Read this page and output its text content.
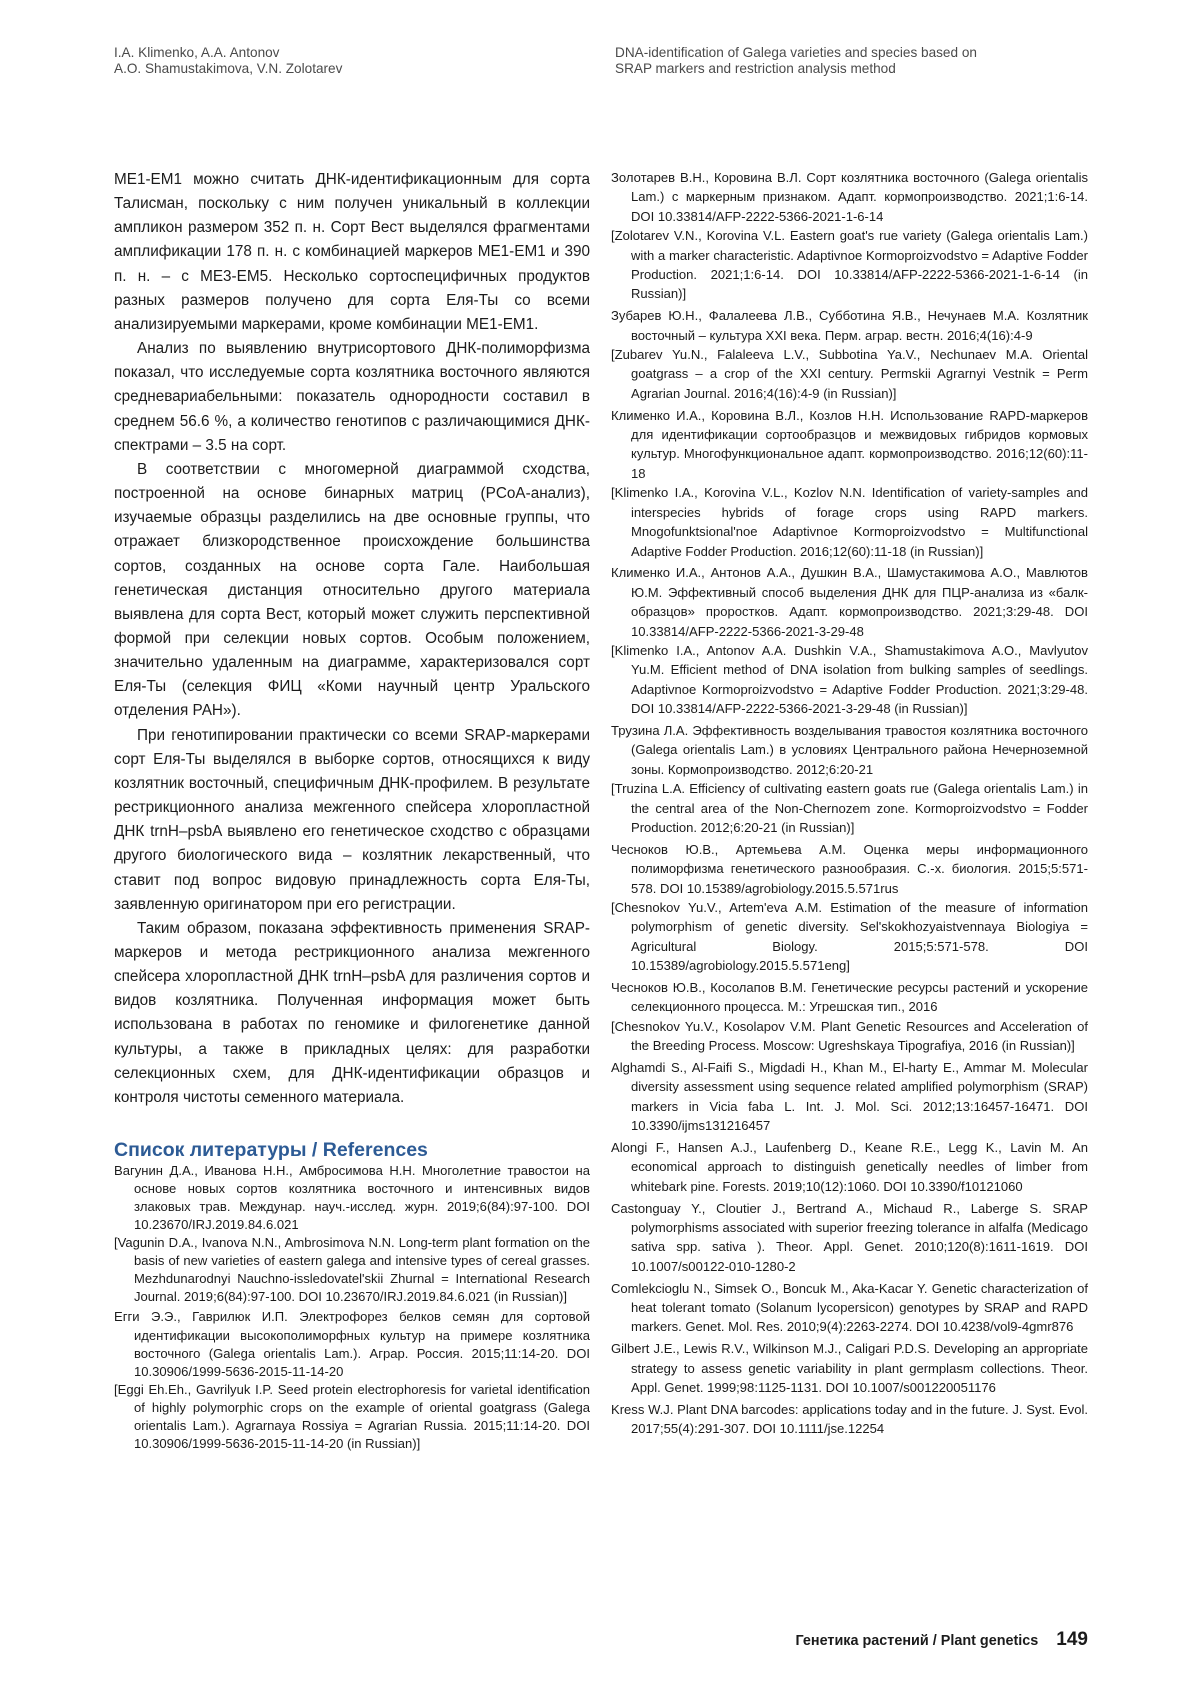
I.A. Klimenko, A.A. Antonov
A.O. Shamustakimova, V.N. Zolotarev
DNA-identification of Galega varieties and species based on
SRAP markers and restriction analysis method

ME1-EM1 можно считать ДНК-идентификационным для сорта Талисман, поскольку с ним получен уникальный в коллекции ампликон размером 352 п. н. Сорт Вест выделялся фрагментами амплификации 178 п. н. с комбинацией маркеров ME1-EM1 и 390 п. н. – с ME3-EM5. Несколько сортоспецифичных продуктов разных размеров получено для сорта Еля-Ты со всеми анализируемыми маркерами, кроме комбинации ME1-EM1.

Анализ по выявлению внутрисортового ДНК-полиморфизма показал, что исследуемые сорта козлятника восточного являются средневариабельными: показатель однородности составил в среднем 56.6 %, а количество генотипов с различающимися ДНК-спектрами – 3.5 на сорт.

В соответствии с многомерной диаграммой сходства, построенной на основе бинарных матриц (PCoA-анализ), изучаемые образцы разделились на две основные группы, что отражает близкородственное происхождение большинства сортов, созданных на основе сорта Гале. Наибольшая генетическая дистанция относительно другого материала выявлена для сорта Вест, который может служить перспективной формой при селекции новых сортов. Особым положением, значительно удаленным на диаграмме, характеризовался сорт Еля-Ты (селекция ФИЦ «Коми научный центр Уральского отделения РАН»).

При генотипировании практически со всеми SRAP-маркерами сорт Еля-Ты выделялся в выборке сортов, относящихся к виду козлятник восточный, специфичным ДНК-профилем. В результате рестрикционного анализа межгенного спейсера хлоропластной ДНК trnH–psbA выявлено его генетическое сходство с образцами другого биологического вида – козлятник лекарственный, что ставит под вопрос видовую принадлежность сорта Еля-Ты, заявленную оригинатором при его регистрации.

Таким образом, показана эффективность применения SRAP-маркеров и метода рестрикционного анализа межгенного спейсера хлоропластной ДНК trnH–psbA для различения сортов и видов козлятника. Полученная информация может быть использована в работах по геномике и филогенетике данной культуры, а также в прикладных целях: для разработки селекционных схем, для ДНК-идентификации образцов и контроля чистоты семенного материала.

Список литературы / References
Вагунин Д.А., Иванова Н.Н., Амбросимова Н.Н. Многолетние травостои на основе новых сортов козлятника восточного и интенсивных видов злаковых трав. Междунар. науч.-исслед. журн. 2019;6(84):97-100. DOI 10.23670/IRJ.2019.84.6.021
[Vagunin D.A., Ivanova N.N., Ambrosimova N.N. Long-term plant formation on the basis of new varieties of eastern galega and intensive types of cereal grasses. Mezhdunarodnyi Nauchno-issledovatel'skii Zhurnal = International Research Journal. 2019;6(84):97-100. DOI 10.23670/IRJ.2019.84.6.021 (in Russian)]
Егги Э.Э., Гаврилюк И.П. Электрофорез белков семян для сортовой идентификации высокополиморфных культур на примере козлятника восточного (Galega orientalis Lam.). Аграр. Россия. 2015;11:14-20. DOI 10.30906/1999-5636-2015-11-14-20
[Eggi Eh.Eh., Gavrilyuk I.P. Seed protein electrophoresis for varietal identification of highly polymorphic crops on the example of oriental goatgrass (Galega orientalis Lam.). Agrarnaya Rossiya = Agrarian Russia. 2015;11:14-20. DOI 10.30906/1999-5636-2015-11-14-20 (in Russian)]
Золотарев В.Н., Коровина В.Л. Сорт козлятника восточного (Galega orientalis Lam.) с маркерным признаком. Адапт. кормопроизводство. 2021;1:6-14. DOI 10.33814/AFP-2222-5366-2021-1-6-14
[Zolotarev V.N., Korovina V.L. Eastern goat's rue variety (Galega orientalis Lam.) with a marker characteristic. Adaptivnoe Kormoproizvodstvo = Adaptive Fodder Production. 2021;1:6-14. DOI 10.33814/AFP-2222-5366-2021-1-6-14 (in Russian)]
Зубарев Ю.Н., Фалалеева Л.В., Субботина Я.В., Нечунаев М.А. Козлятник восточный – культура XXI века. Перм. аграр. вестн. 2016;4(16):4-9
[Zubarev Yu.N., Falaleeva L.V., Subbotina Ya.V., Nechunaev M.A. Oriental goatgrass – a crop of the XXI century. Permskii Agrarnyi Vestnik = Perm Agrarian Journal. 2016;4(16):4-9 (in Russian)]
Клименко И.А., Коровина В.Л., Козлов Н.Н. Использование RAPD-маркеров для идентификации сортообразцов и межвидовых гибридов кормовых культур. Многофункциональное адапт. кормопроизводство. 2016;12(60):11-18
[Klimenko I.A., Korovina V.L., Kozlov N.N. Identification of variety-samples and interspecies hybrids of forage crops using RAPD markers. Mnogofunktsional'noe Adaptivnoe Kormoproizvodstvo = Multifunctional Adaptive Fodder Production. 2016;12(60):11-18 (in Russian)]
Клименко И.А., Антонов А.А., Душкин В.А., Шамустакимова А.О., Мавлютов Ю.М. Эффективный способ выделения ДНК для ПЦР-анализа из «балк-образцов» проростков. Адапт. кормопроизводство. 2021;3:29-48. DOI 10.33814/AFP-2222-5366-2021-3-29-48
[Klimenko I.A., Antonov A.A. Dushkin V.A., Shamustakimova A.O., Mavlyutov Yu.M. Efficient method of DNA isolation from bulking samples of seedlings. Adaptivnoe Kormoproizvodstvo = Adaptive Fodder Production. 2021;3:29-48. DOI 10.33814/AFP-2222-5366-2021-3-29-48 (in Russian)]
Трузина Л.А. Эффективность возделывания травостоя козлятника восточного (Galega orientalis Lam.) в условиях Центрального района Нечерноземной зоны. Кормопроизводство. 2012;6:20-21
[Truzina L.A. Efficiency of cultivating eastern goats rue (Galega orientalis Lam.) in the central area of the Non-Chernozem zone. Kormoproizvodstvo = Fodder Production. 2012;6:20-21 (in Russian)]
Чесноков Ю.В., Артемьева А.М. Оценка меры информационного полиморфизма генетического разнообразия. С.-х. биология. 2015;5:571-578. DOI 10.15389/agrobiology.2015.5.571rus
[Chesnokov Yu.V., Artem'eva A.M. Estimation of the measure of information polymorphism of genetic diversity. Sel'skokhozyaistvennaya Biologiya = Agricultural Biology. 2015;5:571-578. DOI 10.15389/agrobiology.2015.5.571eng]
Чесноков Ю.В., Косолапов В.М. Генетические ресурсы растений и ускорение селекционного процесса. М.: Угрешская тип., 2016
[Chesnokov Yu.V., Kosolapov V.M. Plant Genetic Resources and Acceleration of the Breeding Process. Moscow: Ugreshskaya Tipografiya, 2016 (in Russian)]
Alghamdi S., Al-Faifi S., Migdadi H., Khan M., El-harty E., Ammar M. Molecular diversity assessment using sequence related amplified polymorphism (SRAP) markers in Vicia faba L. Int. J. Mol. Sci. 2012;13:16457-16471. DOI 10.3390/ijms131216457
Alongi F., Hansen A.J., Laufenberg D., Keane R.E., Legg K., Lavin M. An economical approach to distinguish genetically needles of limber from whitebark pine. Forests. 2019;10(12):1060. DOI 10.3390/f10121060
Castonguay Y., Cloutier J., Bertrand A., Michaud R., Laberge S. SRAP polymorphisms associated with superior freezing tolerance in alfalfa (Medicago sativa spp. sativa ). Theor. Appl. Genet. 2010;120(8):1611-1619. DOI 10.1007/s00122-010-1280-2
Comlekcioglu N., Simsek O., Boncuk M., Aka-Kacar Y. Genetic characterization of heat tolerant tomato (Solanum lycopersicon) genotypes by SRAP and RAPD markers. Genet. Mol. Res. 2010;9(4):2263-2274. DOI 10.4238/vol9-4gmr876
Gilbert J.E., Lewis R.V., Wilkinson M.J., Caligari P.D.S. Developing an appropriate strategy to assess genetic variability in plant germplasm collections. Theor. Appl. Genet. 1999;98:1125-1131. DOI 10.1007/s001220051176
Kress W.J. Plant DNA barcodes: applications today and in the future. J. Syst. Evol. 2017;55(4):291-307. DOI 10.1111/jse.12254
Генетика растений / Plant genetics 149
